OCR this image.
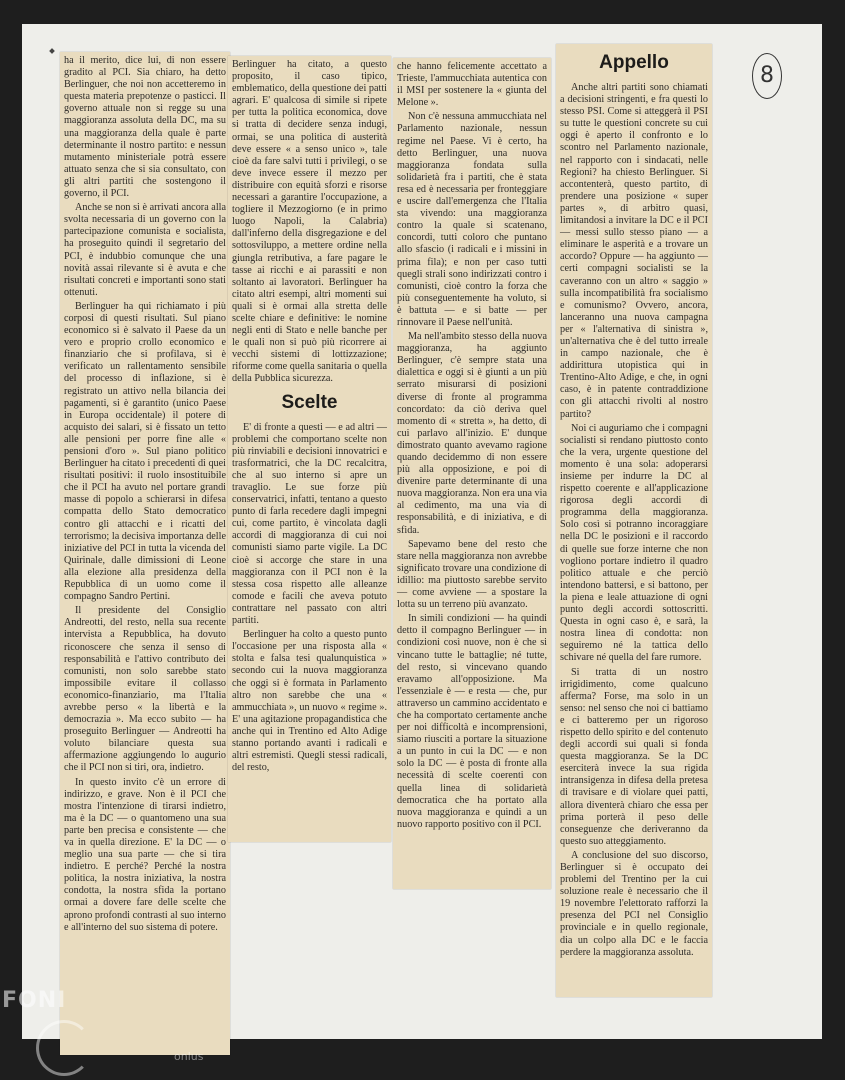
ha il merito, dice lui, di non essere gradito al PCI. Sia chiaro, ha detto Berlinguer, che noi non accetteremo in questa materia prepotenze o pasticci. Il governo attuale non si regge su una maggioranza assoluta della DC, ma su una maggioranza della quale è parte determinante il nostro partito: e nessun mutamento ministeriale potrà essere attuato senza che si sia consultato, con gli altri partiti che sostengono il governo, il PCI.

Anche se non si è arrivati ancora alla svolta necessaria di un governo con la partecipazione comunista e socialista, ha proseguito quindi il segretario del PCI, è indubbio comunque che una novità assai rilevante si è avuta e che risultati concreti e importanti sono stati ottenuti.

Berlinguer ha qui richiamato i più corposi di questi risultati. Sul piano economico si è salvato il Paese da un vero e proprio crollo economico e finanziario che si profilava, si è verificato un rallentamento sensibile del processo di inflazione, si è registrato un attivo nella bilancia dei pagamenti, si è garantito (unico Paese in Europa occidentale) il potere di acquisto dei salari, si è fissato un tetto alle pensioni per porre fine alle « pensioni d'oro ». Sul piano politico Berlinguer ha citato i precedenti di quei risultati positivi: il ruolo insostituibile che il PCI ha avuto nel portare grandi masse di popolo a schierarsi in difesa compatta dello Stato democratico contro gli attacchi e i ricatti del terrorismo; la decisiva importanza delle iniziative del PCI in tutta la vicenda del Quirinale, dalle dimissioni di Leone alla elezione alla presidenza della Repubblica di un uomo come il compagno Sandro Pertini.

Il presidente del Consiglio Andreotti, del resto, nella sua recente intervista a Repubblica, ha dovuto riconoscere che senza il senso di responsabilità e l'attivo contributo dei comunisti, non solo sarebbe stato impossibile evitare il collasso economico-finanziario, ma l'Italia avrebbe perso « la libertà e la democrazia ». Ma ecco subito — ha proseguito Berlinguer — Andreotti ha voluto bilanciare questa sua affermazione aggiungendo lo augurio che il PCI non si tiri, ora, indietro.

In questo invito c'è un errore di indirizzo, e grave. Non è il PCI che mostra l'intenzione di tirarsi indietro, ma è la DC — o quantomeno una sua parte ben precisa e consistente — che va in quella direzione. E' la DC — o meglio una sua parte — che si tira indietro. E perché? Perché la nostra politica, la nostra iniziativa, la nostra condotta, la nostra sfida la portano ormai a dovere fare delle scelte che aprono profondi contrasti al suo interno e all'interno del suo sistema di potere.

Berlinguer ha citato, a questo proposito, il caso tipico, emblematico, della questione dei patti agrari. E' qualcosa di simile si ripete per tutta la politica economica, dove si tratta di decidere senza indugi, ormai, se una politica di austerità deve essere « a senso unico », tale cioè da fare salvi tutti i privilegi, o se deve invece essere il mezzo per distribuire con equità sforzi e risorse necessari a garantire l'occupazione, a togliere il Mezzogiorno (e in primo luogo Napoli, la Calabria) dall'inferno della disgregazione e del sottosviluppo, a mettere ordine nella giungla retributiva, a fare pagare le tasse ai ricchi e ai parassiti e non soltanto ai lavoratori. Berlinguer ha citato altri esempi, altri momenti sui quali si è ormai alla stretta delle scelte chiare e definitive: le nomine negli enti di Stato e nelle banche per le quali non si può più ricorrere ai vecchi sistemi di lottizzazione; riforme come quella sanitaria o quella della Pubblica sicurezza.

Scelte

E' di fronte a questi — e ad altri — problemi che comportano scelte non più rinviabili e decisioni innovatrici e trasformatrici, che la DC recalcitra, che al suo interno si apre un travaglio. Le sue forze più conservatrici, infatti, tentano a questo punto di farla recedere dagli impegni cui, come partito, è vincolata dagli accordi di maggioranza di cui noi comunisti siamo parte vigile. La DC cioè si accorge che stare in una maggioranza con il PCI non è la stessa cosa rispetto alle alleanze comode e facili che aveva potuto contrattare nel passato con altri partiti.

Berlinguer ha colto a questo punto l'occasione per una risposta alla « stolta e falsa tesi qualunquistica » secondo cui la nuova maggioranza che oggi si è formata in Parlamento altro non sarebbe che una « ammucchiata », un nuovo « regime ». E' una agitazione propagandistica che anche qui in Trentino ed Alto Adige stanno portando avanti i radicali e altri estremisti. Quegli stessi radicali, del resto,

che hanno felicemente accettato a Trieste, l'ammucchiata autentica con il MSI per sostenere la « giunta del Melone ».

Non c'è nessuna ammucchiata nel Parlamento nazionale, nessun regime nel Paese. Vi è certo, ha detto Berlinguer, una nuova maggioranza fondata sulla solidarietà fra i partiti, che è stata resa ed è necessaria per fronteggiare e uscire dall'emergenza che l'Italia sta vivendo: una maggioranza contro la quale si scatenano, concordi, tutti coloro che puntano allo sfascio (i radicali e i missini in prima fila); e non per caso tutti quegli strali sono indirizzati contro i comunisti, cioè contro la forza che più conseguentemente ha voluto, si è battuta — e si batte — per rinnovare il Paese nell'unità.

Ma nell'ambito stesso della nuova maggioranza, ha aggiunto Berlinguer, c'è sempre stata una dialettica e oggi si è giunti a un più serrato misurarsi di posizioni diverse di fronte al programma concordato: da ciò deriva quel momento di « stretta », ha detto, di cui parlavo all'inizio. E' dunque dimostrato quanto avevamo ragione quando decidemmo di non essere più alla opposizione, e poi di divenire parte determinante di una nuova maggioranza. Non era una via al cedimento, ma una via di responsabilità, e di iniziativa, e di sfida.

Sapevamo bene del resto che stare nella maggioranza non avrebbe significato trovare una condizione di idillio: ma piuttosto sarebbe servito — come avviene — a spostare la lotta su un terreno più avanzato.

In simili condizioni — ha quindi detto il compagno Berlinguer — in condizioni così nuove, non è che si vincano tutte le battaglie; né tutte, del resto, si vincevano quando eravamo all'opposizione. Ma l'essenziale è — e resta — che, pur attraverso un cammino accidentato e che ha comportato certamente anche per noi difficoltà e incomprensioni, siamo riusciti a portare la situazione a un punto in cui la DC — e non solo la DC — è posta di fronte alla necessità di scelte coerenti con quella linea di solidarietà democratica che ha portato alla nuova maggioranza e quindi a un nuovo rapporto positivo con il PCI.

Appello

Anche altri partiti sono chiamati a decisioni stringenti, e fra questi lo stesso PSI. Come si atteggerà il PSI su tutte le questioni concrete su cui oggi è aperto il confronto e lo scontro nel Parlamento nazionale, nel rapporto con i sindacati, nelle Regioni? ha chiesto Berlinguer. Si accontenterà, questo partito, di prendere una posizione « super partes », di arbitro quasi, limitandosi a invitare la DC e il PCI — messi sullo stesso piano — a eliminare le asperità e a trovare un accordo? Oppure — ha aggiunto — certi compagni socialisti se la caveranno con un altro « saggio » sulla incompatibilità fra socialismo e comunismo? Ovvero, ancora, lanceranno una nuova campagna per « l'alternativa di sinistra », un'alternativa che è del tutto irreale in campo nazionale, che è addirittura utopistica qui in Trentino-Alto Adige, e che, in ogni caso, è in patente contraddizione con gli attacchi rivolti al nostro partito?

Noi ci auguriamo che i compagni socialisti si rendano piuttosto conto che la vera, urgente questione del momento è una sola: adoperarsi insieme per indurre la DC al rispetto coerente e all'applicazione rigorosa degli accordi di programma della maggioranza. Solo così si potranno incoraggiare nella DC le posizioni e il raccordo di quelle sue forze interne che non vogliono portare indietro il quadro politico attuale e che perciò intendono battersi, e si battono, per la piena e leale attuazione di ogni punto degli accordi sottoscritti. Questa in ogni caso è, e sarà, la nostra linea di condotta: non seguiremo né la tattica dello schivare né quella del fare rumore.

Si tratta di un nostro irrigidimento, come qualcuno afferma? Forse, ma solo in un senso: nel senso che noi ci battiamo e ci batteremo per un rigoroso rispetto dello spirito e del contenuto degli accordi sui quali si fonda questa maggioranza. Se la DC eserciterà invece la sua rigida intransigenza in difesa della pretesa di travisare e di violare quei patti, allora diventerà chiaro che essa per prima porterà il peso delle conseguenze che deriveranno da questo suo atteggiamento.

A conclusione del suo discorso, Berlinguer si è occupato dei problemi del Trentino per la cui soluzione reale è necessario che il 19 novembre l'elettorato rafforzi la presenza del PCI nel Consiglio provinciale e in quello regionale, dia un colpo alla DC e le faccia perdere la maggioranza assoluta.

8
FONI
onlus
